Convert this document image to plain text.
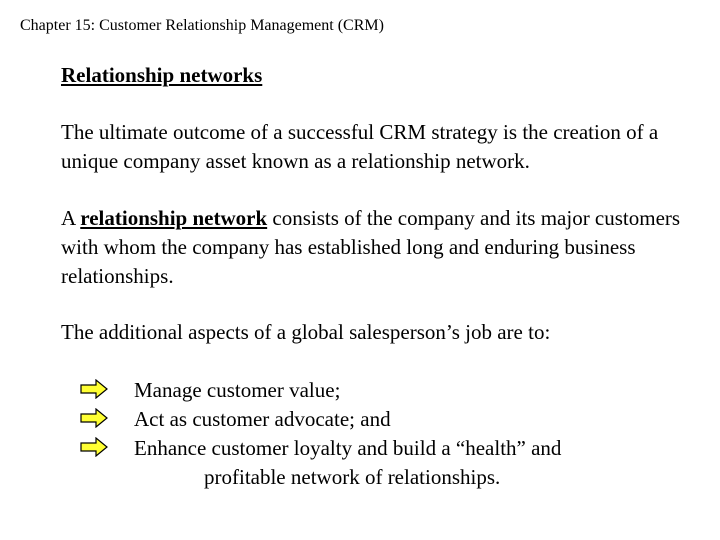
Chapter 15: Customer Relationship Management (CRM)
Relationship networks

The ultimate outcome of a successful CRM strategy is the creation of a unique company asset known as a relationship network.

A relationship network consists of the company and its major customers with whom the company has established long and enduring business relationships.

The additional aspects of a global salesperson’s job are to:

Manage customer value;
Act as customer advocate; and
Enhance customer loyalty and build a “health” and
profitable network of relationships.
